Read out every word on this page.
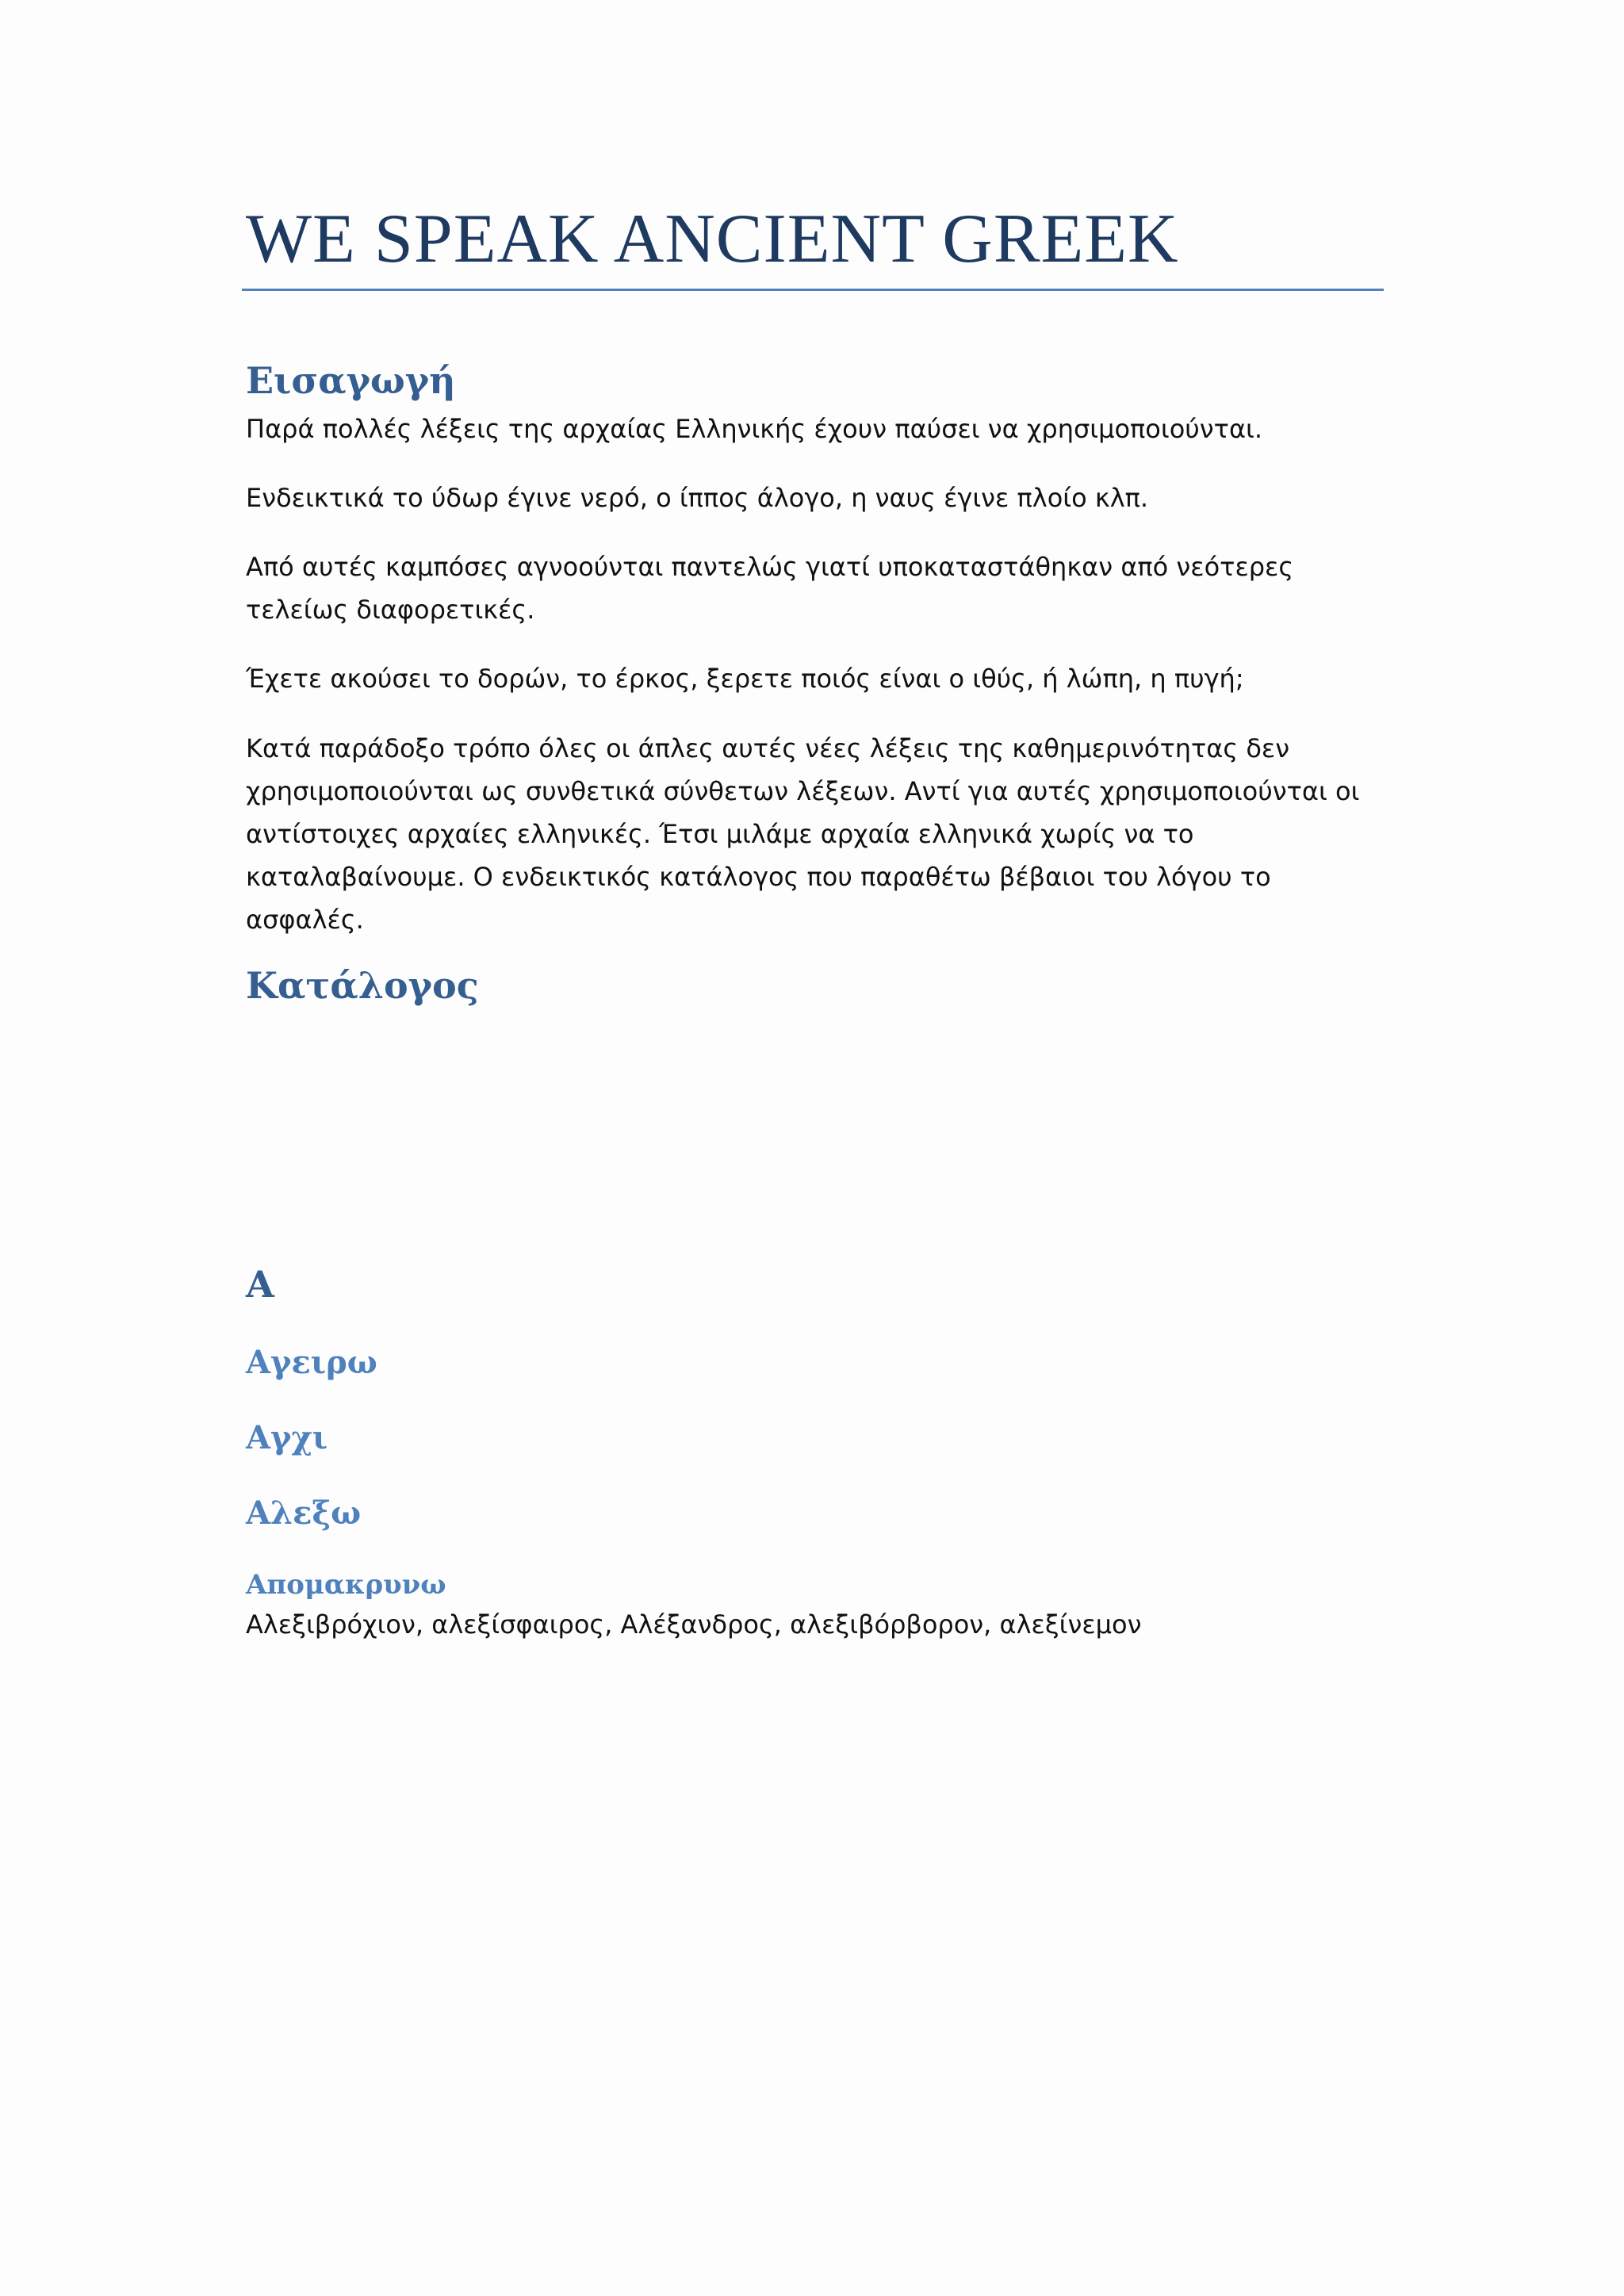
WE SPEAK ANCIENT GREEK
Εισαγωγή

Παρά πολλές λέξεις της αρχαίας Ελληνικής έχουν παύσει να χρησιμοποιούνται.

Ενδεικτικά το ύδωρ έγινε νερό, ο ίππος άλογο, η ναυς έγινε πλοίο κλπ.

Από αυτές καμπόσες αγνοούνται παντελώς γιατί υποκαταστάθηκαν από νεότερες τελείως διαφορετικές.

Έχετε ακούσει το δορών, το έρκος, ξερετε ποιός είναι ο ιθύς, ή λώπη, η πυγή;

Κατά παράδοξο τρόπο όλες οι άπλες αυτές νέες λέξεις της καθημερινότητας δεν χρησιμοποιούνται ως συνθετικά σύνθετων λέξεων. Αντί για αυτές χρησιμοποιούνται οι αντίστοιχες αρχαίες ελληνικές. Έτσι μιλάμε αρχαία ελληνικά χωρίς να το καταλαβαίνουμε. Ο ενδεικτικός κατάλογος που παραθέτω βέβαιοι του λόγου το ασφαλές.

Κατάλογος
Α
Αγειρω
Αγχι
Αλεξω
Απομακρυνω

Αλεξιβρόχιον, αλεξίσφαιρος, Αλέξανδρος, αλεξιβόρβορον, αλεξίνεμον
